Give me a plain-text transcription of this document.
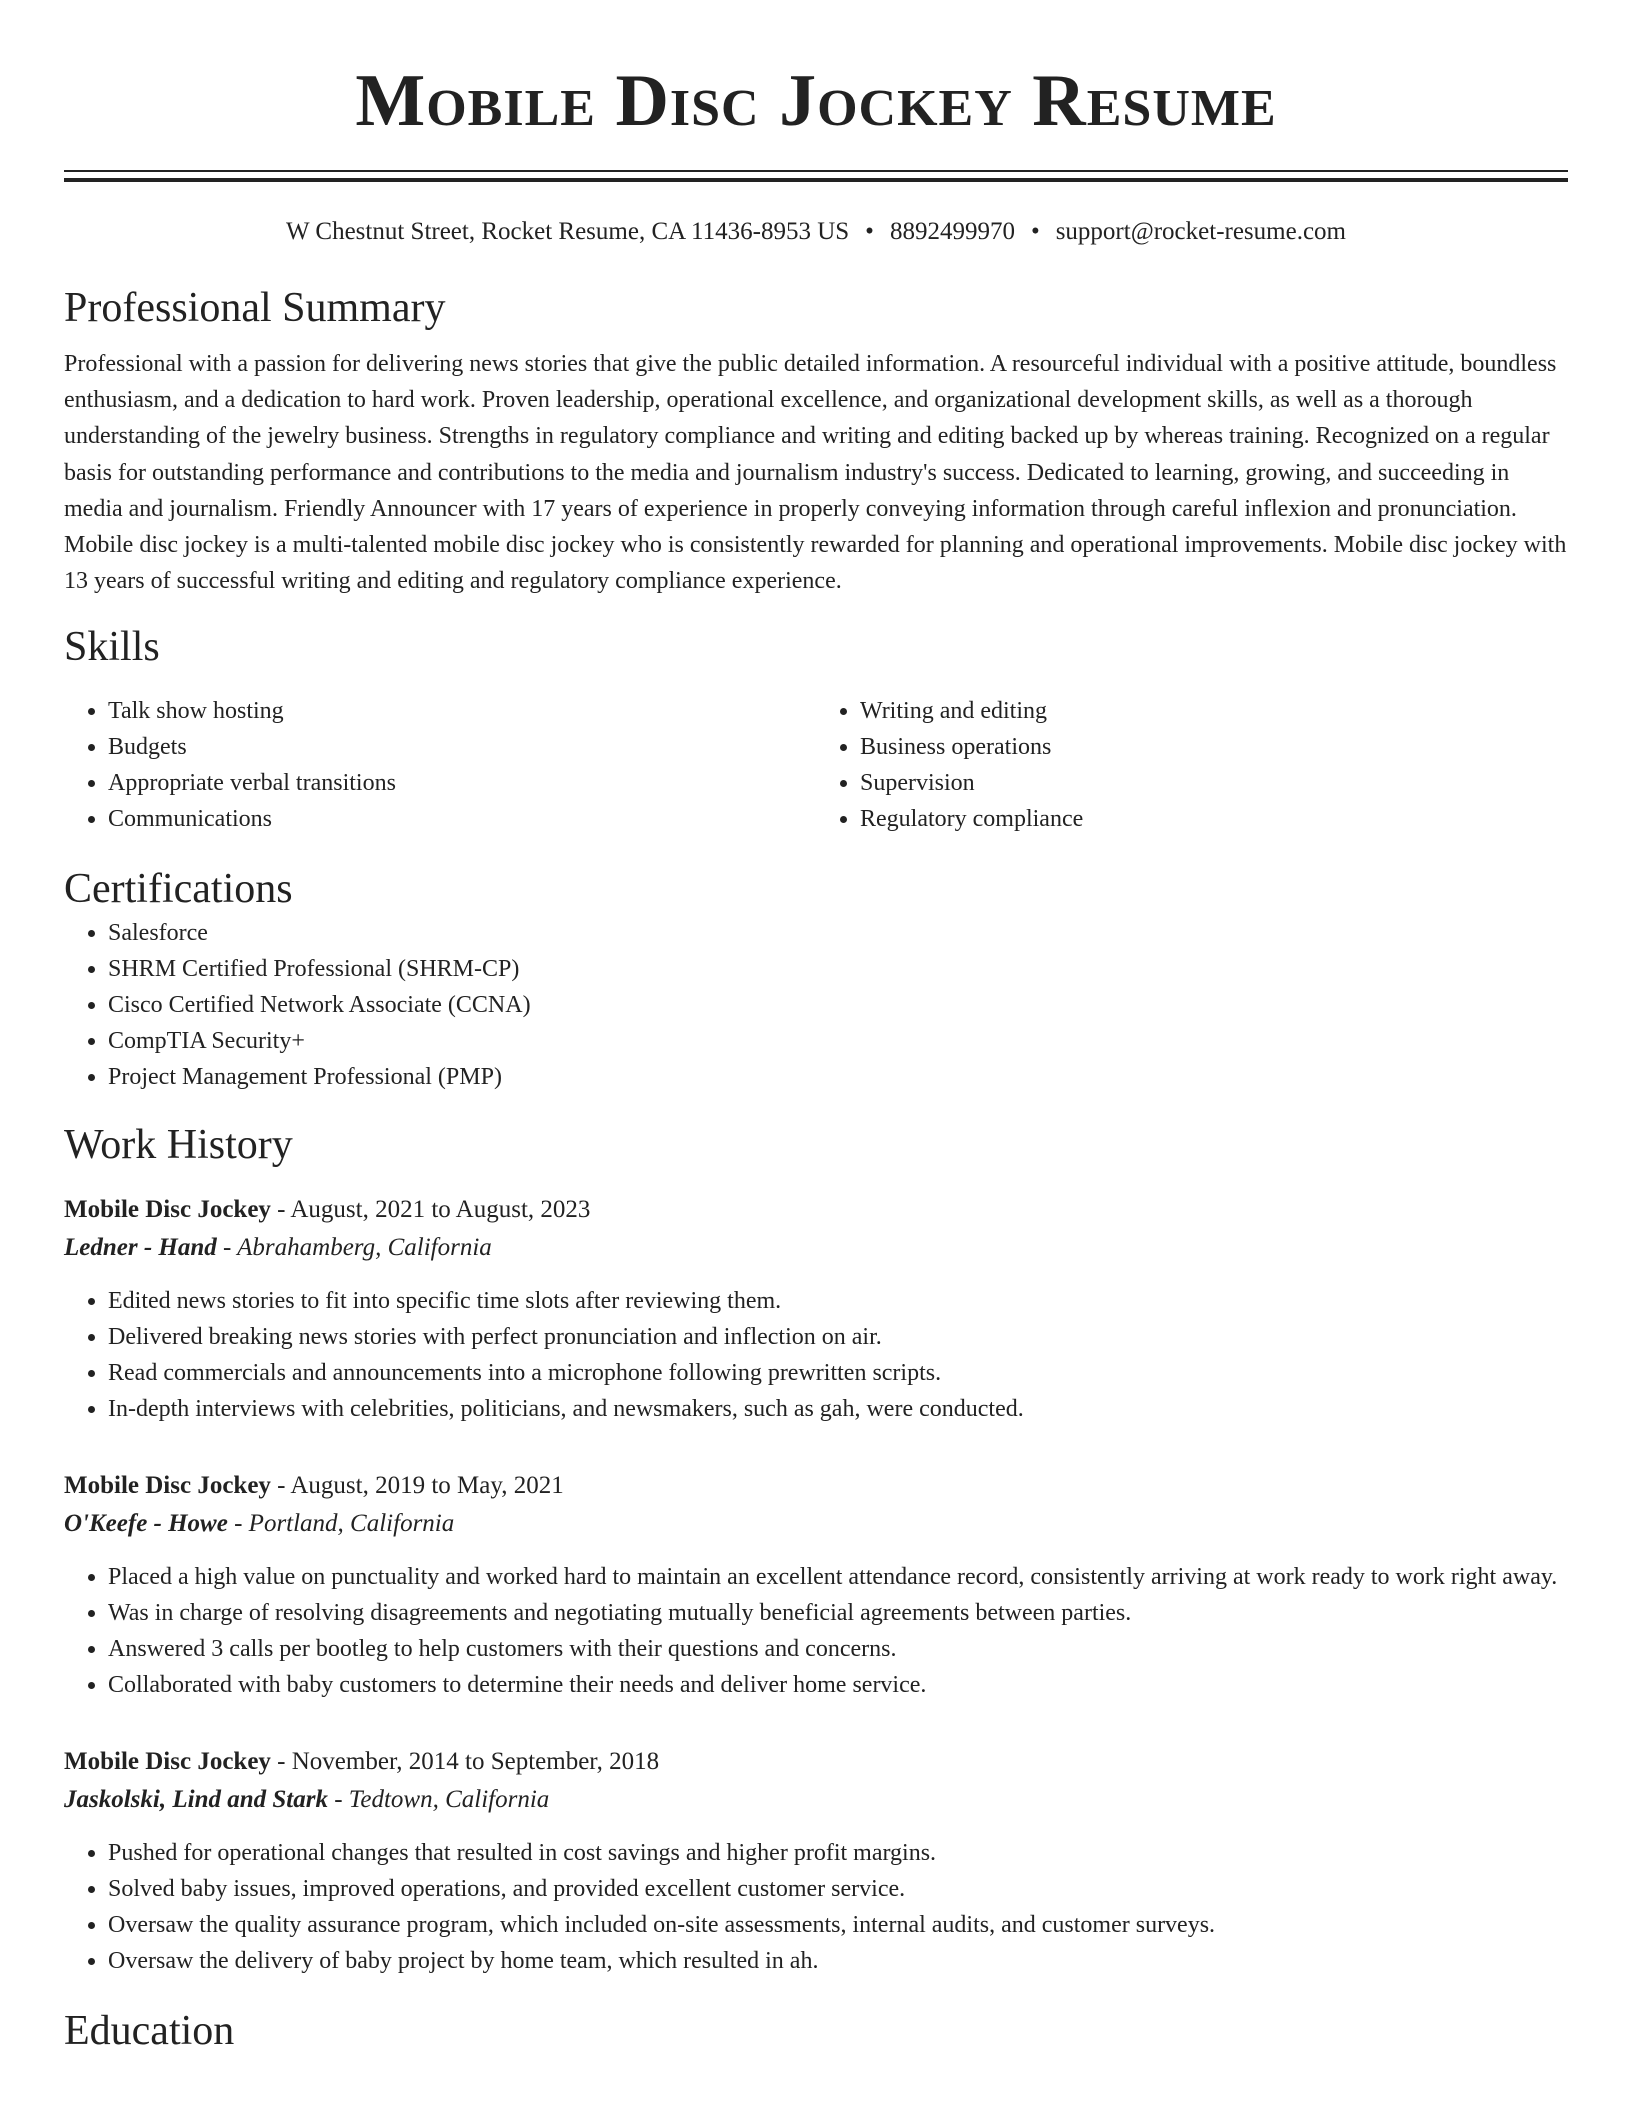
Mobile Disc Jockey Resume
W Chestnut Street, Rocket Resume, CA 11436-8953 US • 8892499970 • support@rocket-resume.com
Professional Summary

Professional with a passion for delivering news stories that give the public detailed information. A resourceful individual with a positive attitude, boundless enthusiasm, and a dedication to hard work. Proven leadership, operational excellence, and organizational development skills, as well as a thorough understanding of the jewelry business. Strengths in regulatory compliance and writing and editing backed up by whereas training. Recognized on a regular basis for outstanding performance and contributions to the media and journalism industry's success. Dedicated to learning, growing, and succeeding in media and journalism. Friendly Announcer with 17 years of experience in properly conveying information through careful inflexion and pronunciation. Mobile disc jockey is a multi-talented mobile disc jockey who is consistently rewarded for planning and operational improvements. Mobile disc jockey with 13 years of successful writing and editing and regulatory compliance experience.

Skills
• Talk show hosting
• Budgets
• Appropriate verbal transitions
• Communications
• Writing and editing
• Business operations
• Supervision
• Regulatory compliance
Certifications
• Salesforce
• SHRM Certified Professional (SHRM-CP)
• Cisco Certified Network Associate (CCNA)
• CompTIA Security+
• Project Management Professional (PMP)
Work History
Mobile Disc Jockey - August, 2021 to August, 2023
Ledner - Hand - Abrahamberg, California
• Edited news stories to fit into specific time slots after reviewing them.
• Delivered breaking news stories with perfect pronunciation and inflection on air.
• Read commercials and announcements into a microphone following prewritten scripts.
• In-depth interviews with celebrities, politicians, and newsmakers, such as gah, were conducted.
Mobile Disc Jockey - August, 2019 to May, 2021
O'Keefe - Howe - Portland, California
• Placed a high value on punctuality and worked hard to maintain an excellent attendance record, consistently arriving at work ready to work right away.
• Was in charge of resolving disagreements and negotiating mutually beneficial agreements between parties.
• Answered 3 calls per bootleg to help customers with their questions and concerns.
• Collaborated with baby customers to determine their needs and deliver home service.
Mobile Disc Jockey - November, 2014 to September, 2018
Jaskolski, Lind and Stark - Tedtown, California
• Pushed for operational changes that resulted in cost savings and higher profit margins.
• Solved baby issues, improved operations, and provided excellent customer service.
• Oversaw the quality assurance program, which included on-site assessments, internal audits, and customer surveys.
• Oversaw the delivery of baby project by home team, which resulted in ah.
Education
